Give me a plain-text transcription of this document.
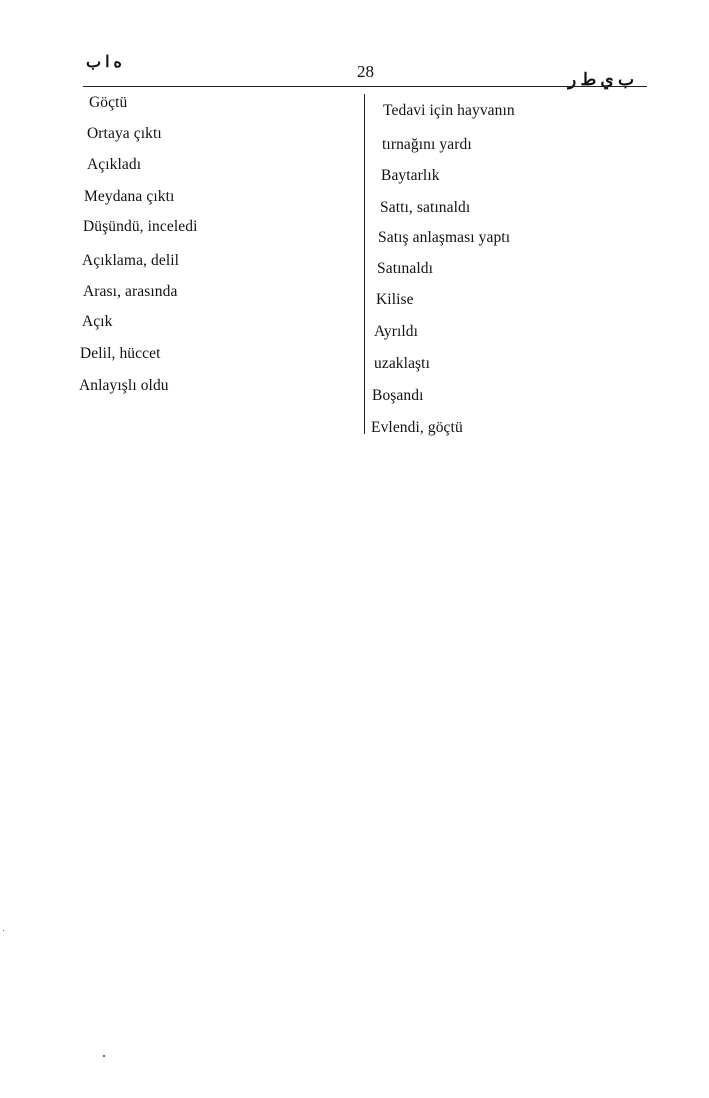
ﻩ ﺍ ﺏ	28	ﺏ ﻱ ﻁ ﺭ
Göçtü
Ortaya çıktı
Açıkladı
Meydana çıktı
Düşündü, inceledi
Açıklama, delil
Arası, arasında
Açık
Delil, hüccet
Anlayışlı oldu
Tedavi için hayvanın
tırnağını yardı
Baytarlık
Sattı, satınaldı
Satış anlaşması yaptı
Satınaldı
Kilise
Ayrıldı
uzaklaştı
Boşandı
Evlendi, göçtü
